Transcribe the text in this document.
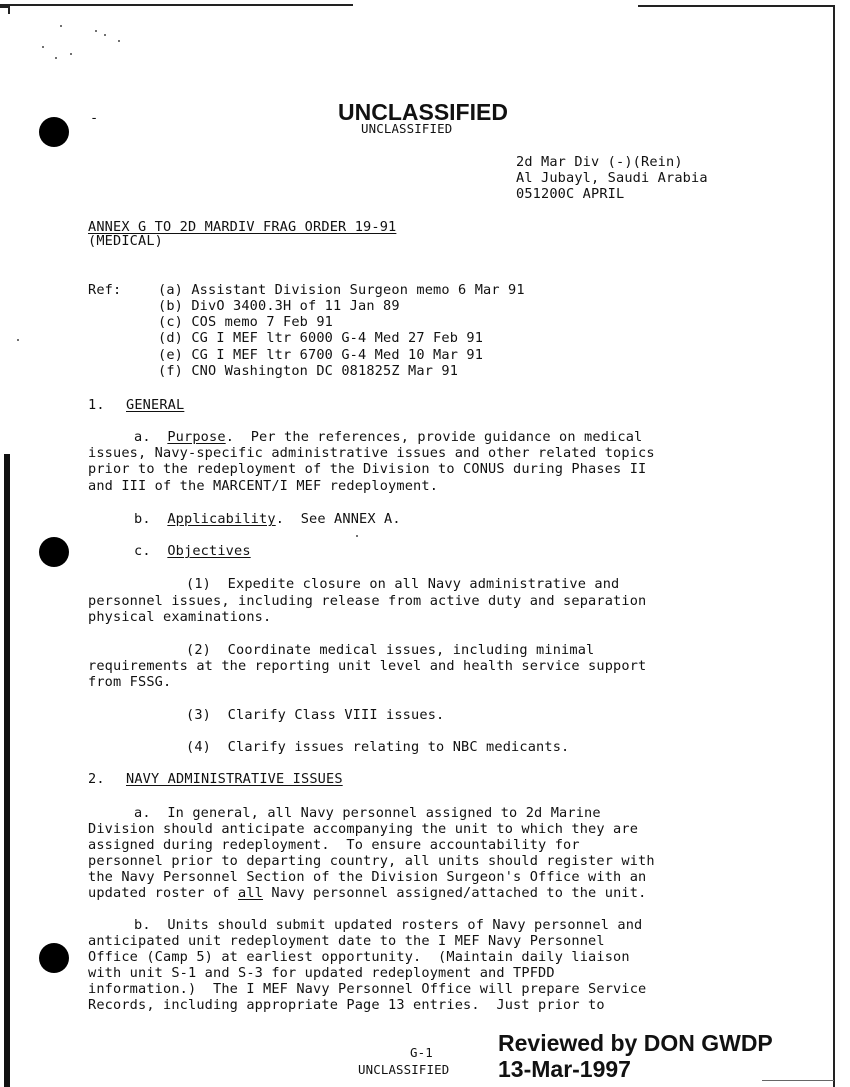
-	UNCLASSIFIED
UNCLASSIFIED
2d Mar Div (-)(Rein)
Al Jubayl, Saudi Arabia
051200C APRIL
ANNEX G TO 2D MARDIV FRAG ORDER 19-91
(MEDICAL)
Ref:	(a) Assistant Division Surgeon memo 6 Mar 91
(b) DivO 3400.3H of 11 Jan 89
(c) COS memo 7 Feb 91
(d) CG I MEF ltr 6000 G-4 Med 27 Feb 91
(e) CG I MEF ltr 6700 G-4 Med 10 Mar 91
(f) CNO Washington DC 081825Z Mar 91
1. GENERAL
a. Purpose.  Per the references, provide guidance on medical
issues, Navy-specific administrative issues and other related topics
prior to the redeployment of the Division to CONUS during Phases II
and III of the MARCENT/I MEF redeployment.
b. Applicability.  See ANNEX A.
c. Objectives
(1)  Expedite closure on all Navy administrative and
personnel issues, including release from active duty and separation
physical examinations.
(2)  Coordinate medical issues, including minimal
requirements at the reporting unit level and health service support
from FSSG.
(3)  Clarify Class VIII issues.
(4)  Clarify issues relating to NBC medicants.
2. NAVY ADMINISTRATIVE ISSUES
a.  In general, all Navy personnel assigned to 2d Marine
Division should anticipate accompanying the unit to which they are
assigned during redeployment.  To ensure accountability for
personnel prior to departing country, all units should register with
the Navy Personnel Section of the Division Surgeon's Office with an
updated roster of all Navy personnel assigned/attached to the unit.
b.  Units should submit updated rosters of Navy personnel and
anticipated unit redeployment date to the I MEF Navy Personnel
Office (Camp 5) at earliest opportunity.  (Maintain daily liaison
with unit S-1 and S-3 for updated redeployment and TPFDD
information.)  The I MEF Navy Personnel Office will prepare Service
Records, including appropriate Page 13 entries.  Just prior to
G-1
UNCLASSIFIED
Reviewed by DON GWDP
13-Mar-1997
